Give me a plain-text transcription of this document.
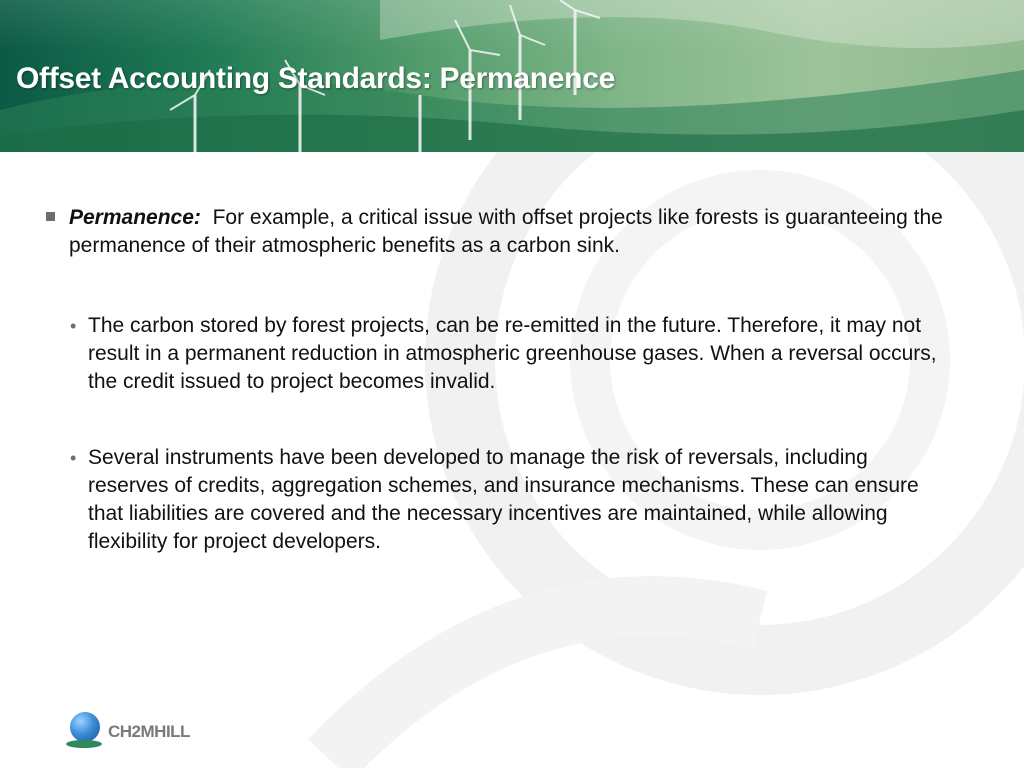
Offset Accounting Standards: Permanence
Permanence: For example, a critical issue with offset projects like forests is guaranteeing the permanence of their atmospheric benefits as a carbon sink.
• The carbon stored by forest projects, can be re-emitted in the future. Therefore, it may not result in a permanent reduction in atmospheric greenhouse gases. When a reversal occurs, the credit issued to project becomes invalid.
• Several instruments have been developed to manage the risk of reversals, including reserves of credits, aggregation schemes, and insurance mechanisms. These can ensure that liabilities are covered and the necessary incentives are maintained, while allowing flexibility for project developers.
CH2MHILL
